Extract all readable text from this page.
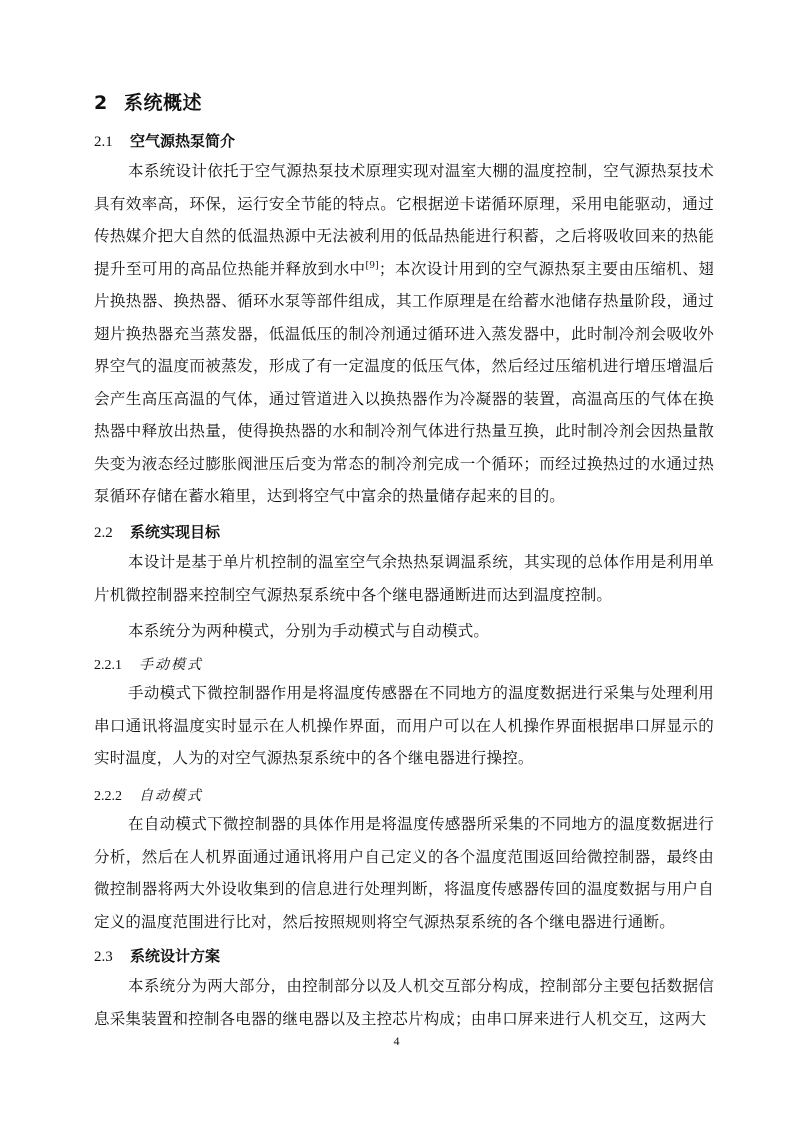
2 系统概述
2.1 空气源热泵简介
本系统设计依托于空气源热泵技术原理实现对温室大棚的温度控制，空气源热泵技术具有效率高，环保，运行安全节能的特点。它根据逆卡诺循环原理，采用电能驱动，通过传热媒介把大自然的低温热源中无法被利用的低品热能进行积蓄，之后将吸收回来的热能提升至可用的高品位热能并释放到水中[9]；本次设计用到的空气源热泵主要由压缩机、翅片换热器、换热器、循环水泵等部件组成，其工作原理是在给蓄水池储存热量阶段，通过翅片换热器充当蒸发器，低温低压的制冷剂通过循环进入蒸发器中，此时制冷剂会吸收外界空气的温度而被蒸发，形成了有一定温度的低压气体，然后经过压缩机进行增压增温后会产生高压高温的气体，通过管道进入以换热器作为冷凝器的装置，高温高压的气体在换热器中释放出热量，使得换热器的水和制冷剂气体进行热量互换，此时制冷剂会因热量散失变为液态经过膨胀阀泄压后变为常态的制冷剂完成一个循环；而经过换热过的水通过热泵循环存储在蓄水箱里，达到将空气中富余的热量储存起来的目的。
2.2 系统实现目标
本设计是基于单片机控制的温室空气余热热泵调温系统，其实现的总体作用是利用单片机微控制器来控制空气源热泵系统中各个继电器通断进而达到温度控制。
本系统分为两种模式，分别为手动模式与自动模式。
2.2.1 手动模式
手动模式下微控制器作用是将温度传感器在不同地方的温度数据进行采集与处理利用串口通讯将温度实时显示在人机操作界面，而用户可以在人机操作界面根据串口屏显示的实时温度，人为的对空气源热泵系统中的各个继电器进行操控。
2.2.2 自动模式
在自动模式下微控制器的具体作用是将温度传感器所采集的不同地方的温度数据进行分析，然后在人机界面通过通讯将用户自己定义的各个温度范围返回给微控制器，最终由微控制器将两大外设收集到的信息进行处理判断，将温度传感器传回的温度数据与用户自定义的温度范围进行比对，然后按照规则将空气源热泵系统的各个继电器进行通断。
2.3 系统设计方案
本系统分为两大部分，由控制部分以及人机交互部分构成，控制部分主要包括数据信息采集装置和控制各电器的继电器以及主控芯片构成；由串口屏来进行人机交互，这两大
4
